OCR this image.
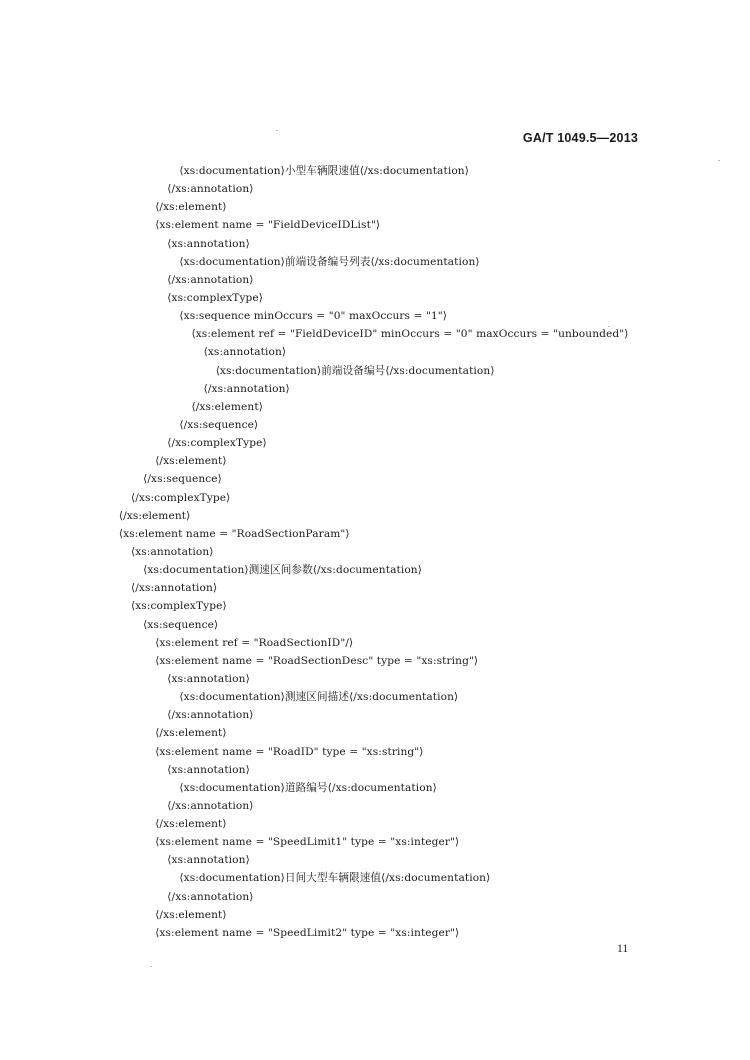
GA/T 1049.5—2013
⟨xs:documentation⟩小型车辆限速值⟨/xs:documentation⟩
⟨/xs:annotation⟩
⟨/xs:element⟩
⟨xs:element name = "FieldDeviceIDList"⟩
⟨xs:annotation⟩
⟨xs:documentation⟩前端设备编号列表⟨/xs:documentation⟩
⟨/xs:annotation⟩
⟨xs:complexType⟩
⟨xs:sequence minOccurs = "0" maxOccurs = "1"⟩
⟨xs:element ref = "FieldDeviceID" minOccurs = "0" maxOccurs = "unbounded"⟩
⟨xs:annotation⟩
⟨xs:documentation⟩前端设备编号⟨/xs:documentation⟩
⟨/xs:annotation⟩
⟨/xs:element⟩
⟨/xs:sequence⟩
⟨/xs:complexType⟩
⟨/xs:element⟩
⟨/xs:sequence⟩
⟨/xs:complexType⟩
⟨/xs:element⟩
⟨xs:element name = "RoadSectionParam"⟩
⟨xs:annotation⟩
⟨xs:documentation⟩测速区间参数⟨/xs:documentation⟩
⟨/xs:annotation⟩
⟨xs:complexType⟩
⟨xs:sequence⟩
⟨xs:element ref = "RoadSectionID"/⟩
⟨xs:element name = "RoadSectionDesc" type = "xs:string"⟩
⟨xs:annotation⟩
⟨xs:documentation⟩测速区间描述⟨/xs:documentation⟩
⟨/xs:annotation⟩
⟨/xs:element⟩
⟨xs:element name = "RoadID" type = "xs:string"⟩
⟨xs:annotation⟩
⟨xs:documentation⟩道路编号⟨/xs:documentation⟩
⟨/xs:annotation⟩
⟨/xs:element⟩
⟨xs:element name = "SpeedLimit1" type = "xs:integer"⟩
⟨xs:annotation⟩
⟨xs:documentation⟩日间大型车辆限速值⟨/xs:documentation⟩
⟨/xs:annotation⟩
⟨/xs:element⟩
⟨xs:element name = "SpeedLimit2" type = "xs:integer"⟩
11
